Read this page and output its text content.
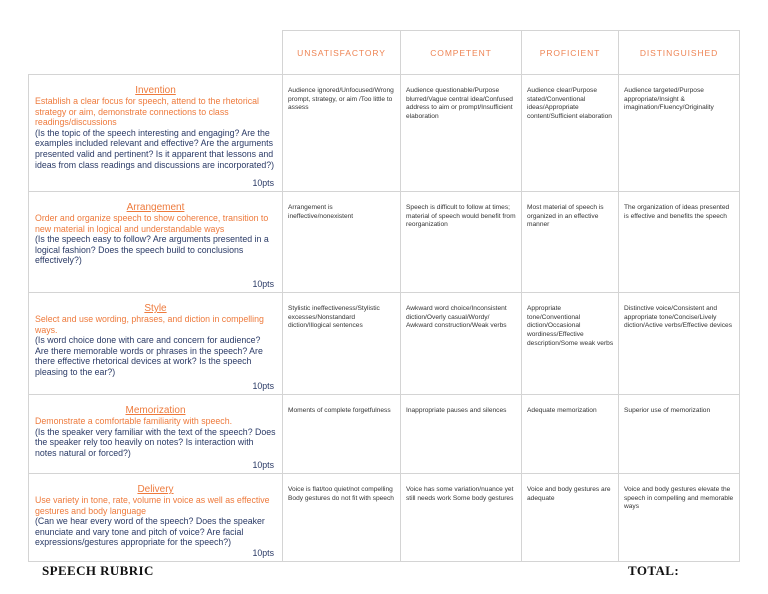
	UNSATISFACTORY	COMPETENT	PROFICIENT	DISTINGUISHED

Invention
Establish a clear focus for speech, attend to the rhetorical strategy or aim, demonstrate connections to class readings/discussions
(Is the topic of the speech interesting and engaging? Are the examples included relevant and effective? Are the arguments presented valid and pertinent? Is it apparent that lessons and ideas from class readings and discussions are incorporated?)
10pts	Audience ignored/Unfocused/Wrong prompt, strategy, or aim /Too little to assess	Audience questionable/Purpose blurred/Vague central idea/Confused address to aim or prompt/Insufficient elaboration	Audience clear/Purpose stated/Conventional ideas/Appropriate content/Sufficient elaboration	Audience targeted/Purpose appropriate/Insight & imagination/Fluency/Originality

Arrangement
Order and organize speech to show coherence, transition to new material in logical and understandable ways
(Is the speech easy to follow? Are arguments presented in a logical fashion? Does the speech build to conclusions effectively?)
10pts	Arrangement is ineffective/nonexistent	Speech is difficult to follow at times; material of speech would benefit from reorganization	Most material of speech is organized in an effective manner	The organization of ideas presented is effective and benefits the speech

Style
Select and use wording, phrases, and diction in compelling ways.
(Is word choice done with care and concern for audience? Are there memorable words or phrases in the speech? Are there effective rhetorical devices at work? Is the speech pleasing to the ear?)
10pts	Stylistic ineffectiveness/Stylistic excesses/Nonstandard diction/Illogical sentences	Awkward word choice/Inconsistent diction/Overly casual/Wordy/ Awkward construction/Weak verbs	Appropriate tone/Conventional diction/Occasional wordiness/Effective description/Some weak verbs	Distinctive voice/Consistent and appropriate tone/Concise/Lively diction/Active verbs/Effective devices

Memorization
Demonstrate a comfortable familiarity with speech.
(Is the speaker very familiar with the text of the speech? Does the speaker rely too heavily on notes? Is interaction with notes natural or forced?)
10pts	Moments of complete forgetfulness	Inappropriate pauses and silences	Adequate memorization	Superior use of memorization

Delivery
Use variety in tone, rate, volume in voice as well as effective gestures and body language
(Can we hear every word of the speech? Does the speaker enunciate and vary tone and pitch of voice? Are facial expressions/gestures appropriate for the speech?)
10pts	Voice is flat/too quiet/not compelling Body gestures do not fit with speech	Voice has some variation/nuance yet still needs work Some body gestures	Voice and body gestures are adequate	Voice and body gestures elevate the speech in compelling and memorable ways
SPEECH RUBRIC	TOTAL:
